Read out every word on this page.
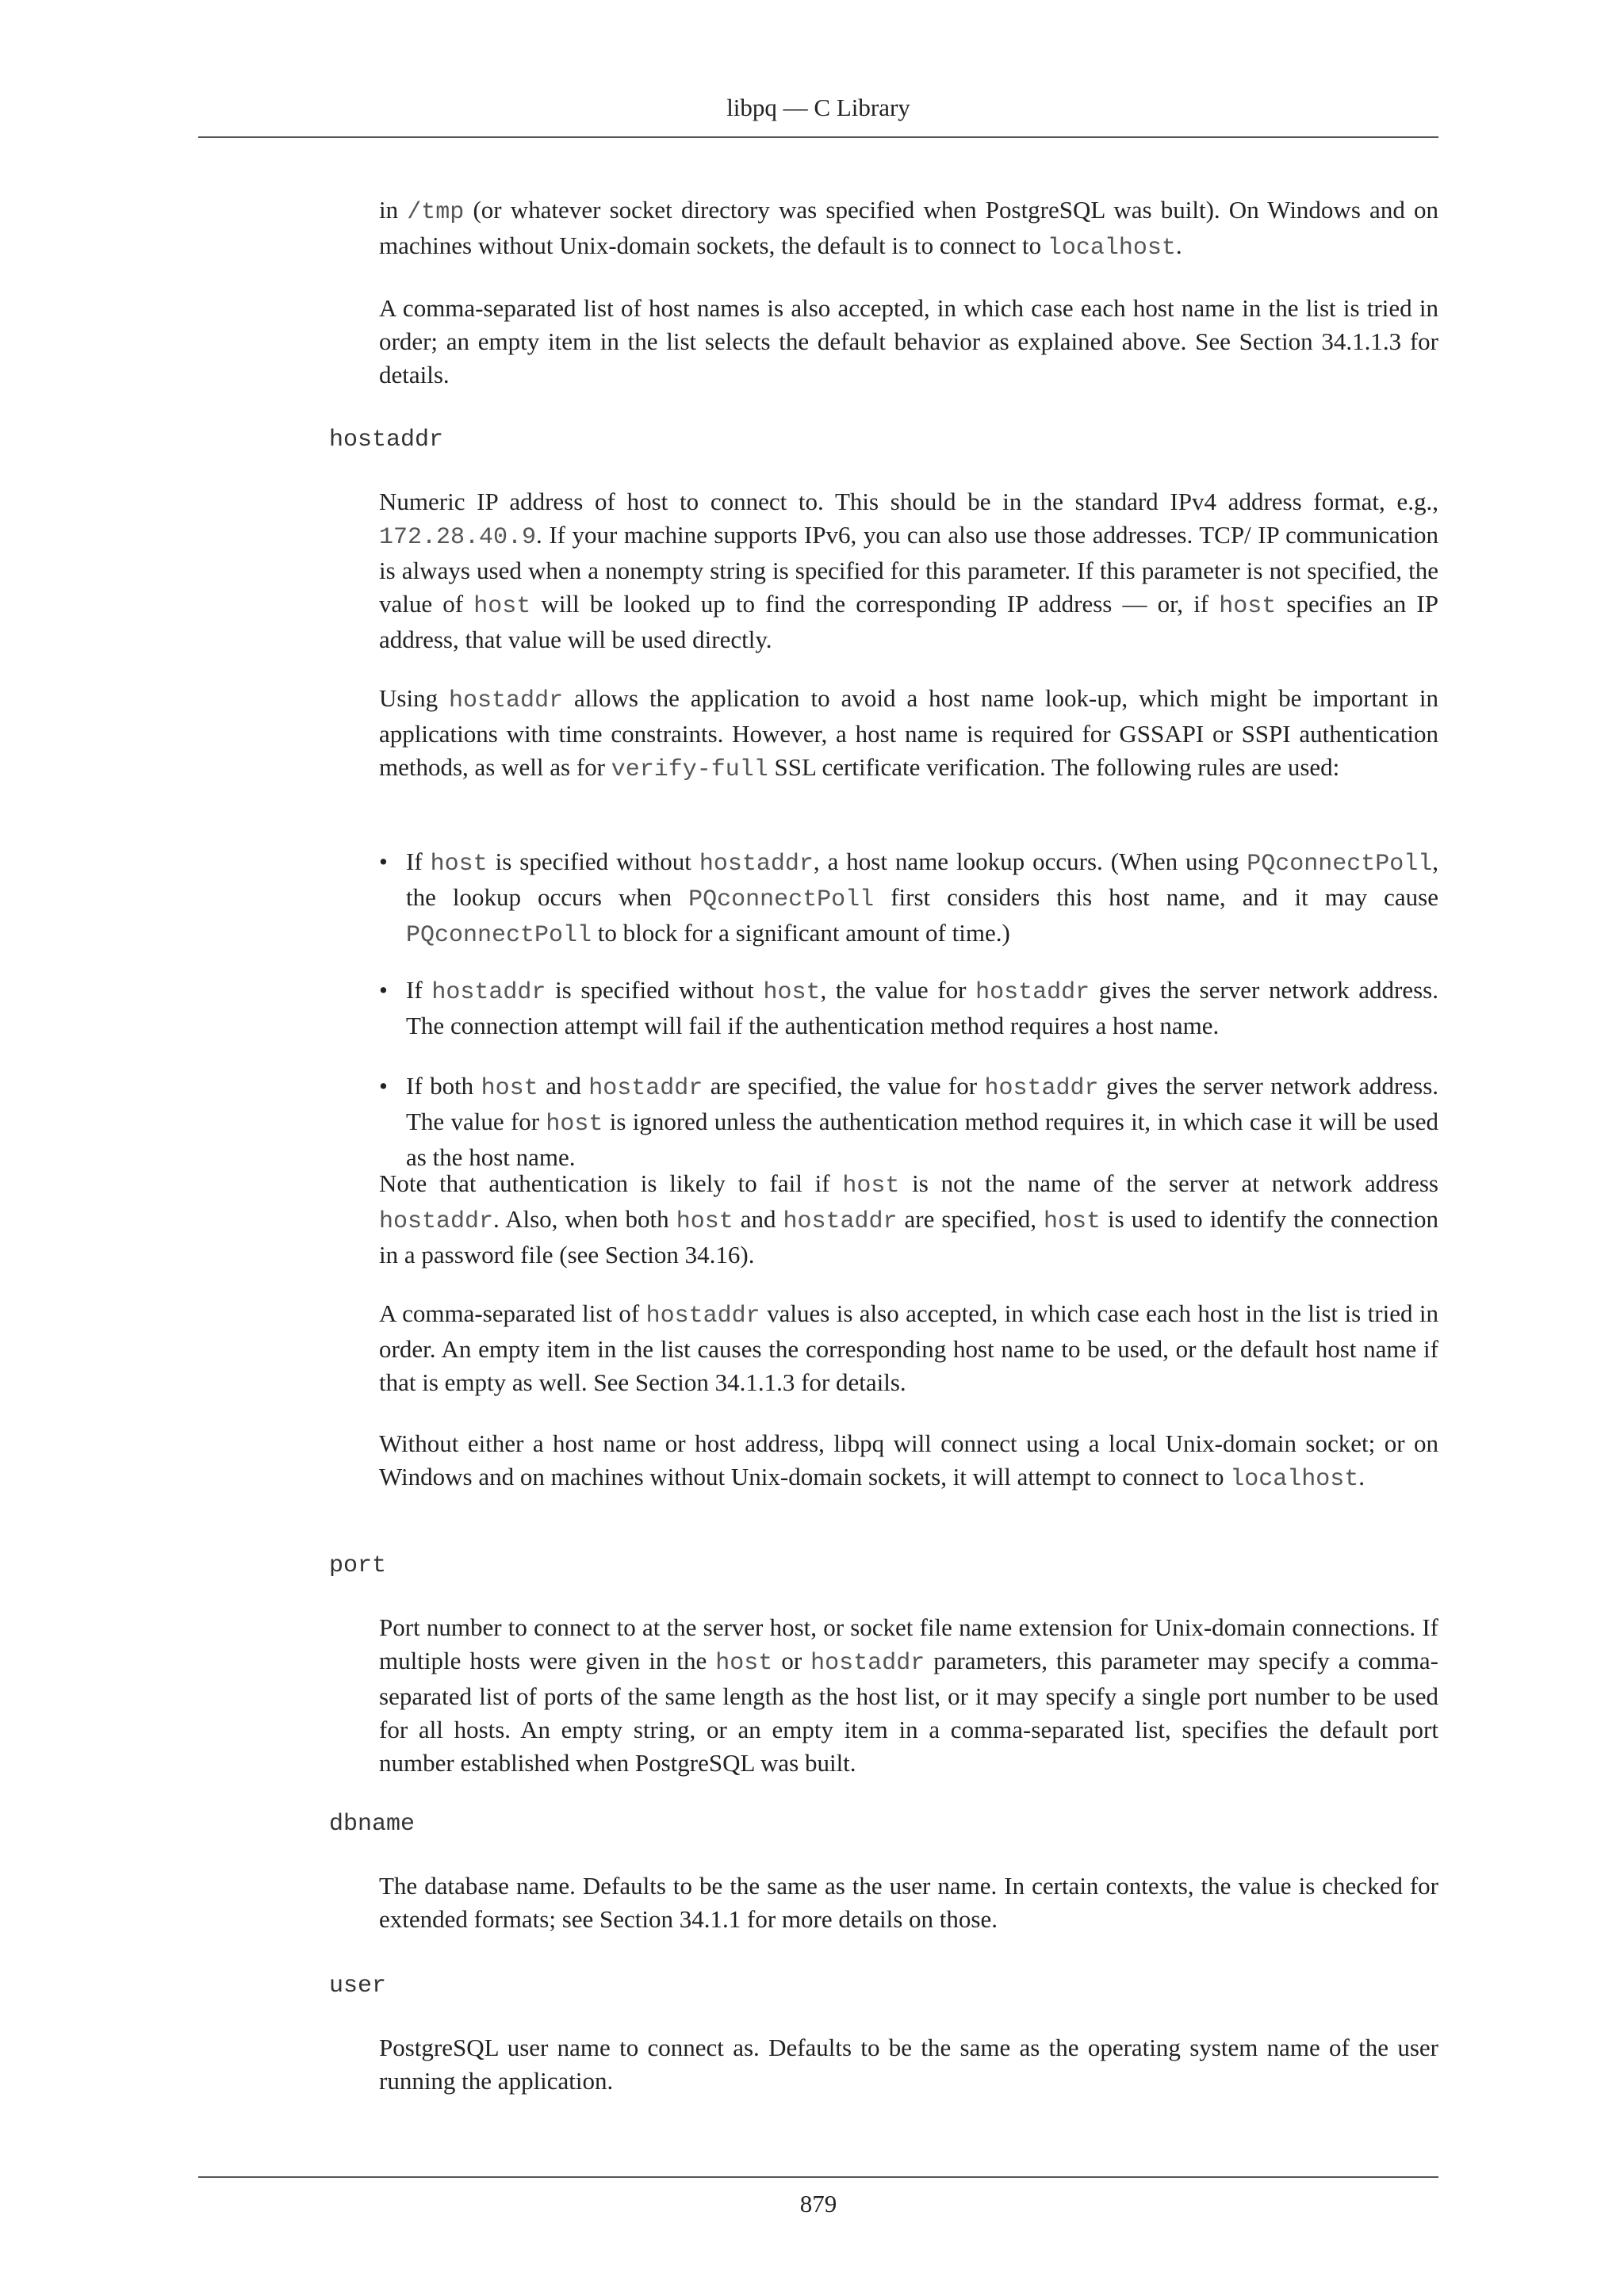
libpq — C Library

in /tmp (or whatever socket directory was specified when PostgreSQL was built). On Windows and on machines without Unix-domain sockets, the default is to connect to localhost.

A comma-separated list of host names is also accepted, in which case each host name in the list is tried in order; an empty item in the list selects the default behavior as explained above. See Section 34.1.1.3 for details.

hostaddr

Numeric IP address of host to connect to. This should be in the standard IPv4 address format, e.g., 172.28.40.9. If your machine supports IPv6, you can also use those addresses. TCP/ IP communication is always used when a nonempty string is specified for this parameter. If this parameter is not specified, the value of host will be looked up to find the corresponding IP address — or, if host specifies an IP address, that value will be used directly.

Using hostaddr allows the application to avoid a host name look-up, which might be important in applications with time constraints. However, a host name is required for GSSAPI or SSPI authentication methods, as well as for verify-full SSL certificate verification. The following rules are used:

• If host is specified without hostaddr, a host name lookup occurs. (When using PQconnectPoll, the lookup occurs when PQconnectPoll first considers this host name, and it may cause PQconnectPoll to block for a significant amount of time.)

• If hostaddr is specified without host, the value for hostaddr gives the server network address. The connection attempt will fail if the authentication method requires a host name.

• If both host and hostaddr are specified, the value for hostaddr gives the server network address. The value for host is ignored unless the authentication method requires it, in which case it will be used as the host name.

Note that authentication is likely to fail if host is not the name of the server at network address hostaddr. Also, when both host and hostaddr are specified, host is used to identify the connection in a password file (see Section 34.16).

A comma-separated list of hostaddr values is also accepted, in which case each host in the list is tried in order. An empty item in the list causes the corresponding host name to be used, or the default host name if that is empty as well. See Section 34.1.1.3 for details.

Without either a host name or host address, libpq will connect using a local Unix-domain socket; or on Windows and on machines without Unix-domain sockets, it will attempt to connect to localhost.

port

Port number to connect to at the server host, or socket file name extension for Unix-domain connections. If multiple hosts were given in the host or hostaddr parameters, this parameter may specify a comma-separated list of ports of the same length as the host list, or it may specify a single port number to be used for all hosts. An empty string, or an empty item in a comma-separated list, specifies the default port number established when PostgreSQL was built.

dbname

The database name. Defaults to be the same as the user name. In certain contexts, the value is checked for extended formats; see Section 34.1.1 for more details on those.

user

PostgreSQL user name to connect as. Defaults to be the same as the operating system name of the user running the application.

879
